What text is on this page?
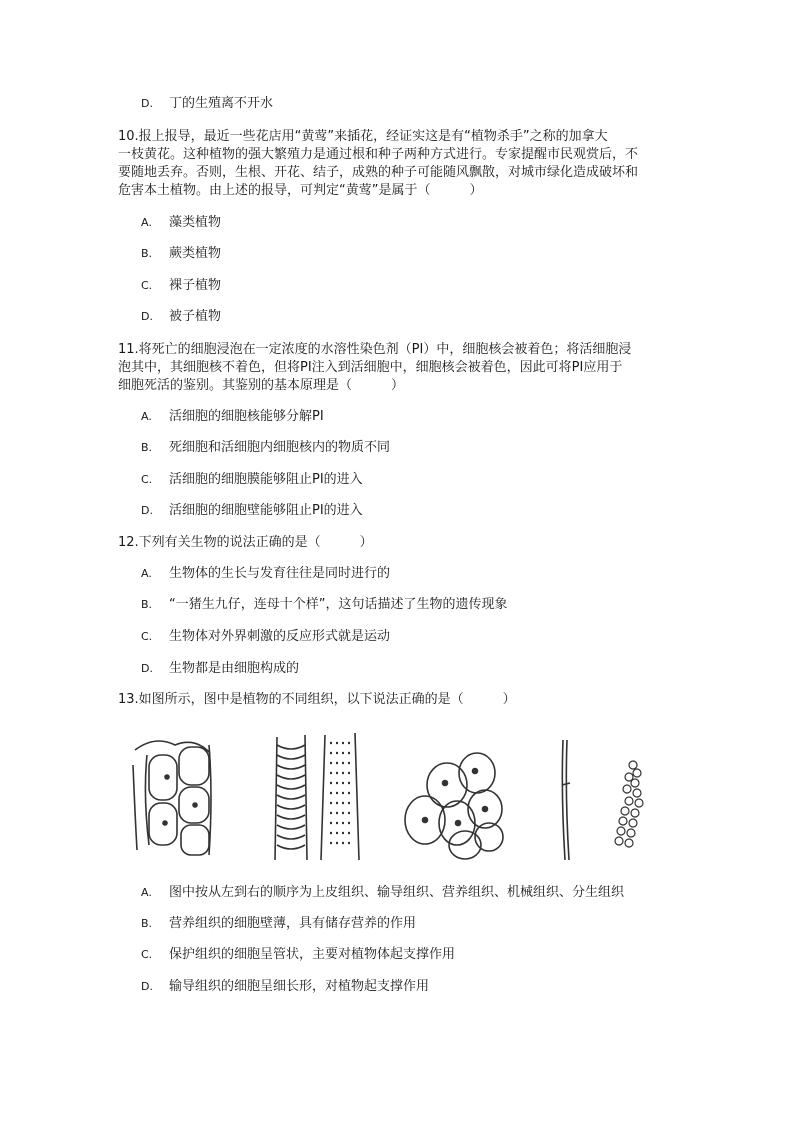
D. 丁的生殖离不开水
10.报上报导，最近一些花店用“黄莺”来插花，经证实这是有“植物杀手”之称的加拿大
一枝黄花。这种植物的强大繁殖力是通过根和种子两种方式进行。专家提醒市民观赏后，不
要随地丢弃。否则，生根、开花、结子，成熟的种子可能随风飘散，对城市绿化造成破坏和
危害本土植物。由上述的报导，可判定“黄莺”是属于（　　　）
A. 藻类植物
B. 蕨类植物
C. 裸子植物
D. 被子植物
11.将死亡的细胞浸泡在一定浓度的水溶性染色剂（PI）中，细胞核会被着色；将活细胞浸
泡其中，其细胞核不着色，但将PI注入到活细胞中，细胞核会被着色，因此可将PI应用于
细胞死活的鉴别。其鉴别的基本原理是（　　　）
A. 活细胞的细胞核能够分解PI
B. 死细胞和活细胞内细胞核内的物质不同
C. 活细胞的细胞膜能够阻止PI的进入
D. 活细胞的细胞壁能够阻止PI的进入
12.下列有关生物的说法正确的是（　　　）
A. 生物体的生长与发育往往是同时进行的
B. “一猪生九仔，连母十个样”，这句话描述了生物的遗传现象
C. 生物体对外界刺激的反应形式就是运动
D. 生物都是由细胞构成的
13.如图所示，图中是植物的不同组织，以下说法正确的是（　　　）
A. 图中按从左到右的顺序为上皮组织、输导组织、营养组织、机械组织、分生组织
B. 营养组织的细胞壁薄，具有储存营养的作用
C. 保护组织的细胞呈管状，主要对植物体起支撑作用
D. 输导组织的细胞呈细长形，对植物起支撑作用
